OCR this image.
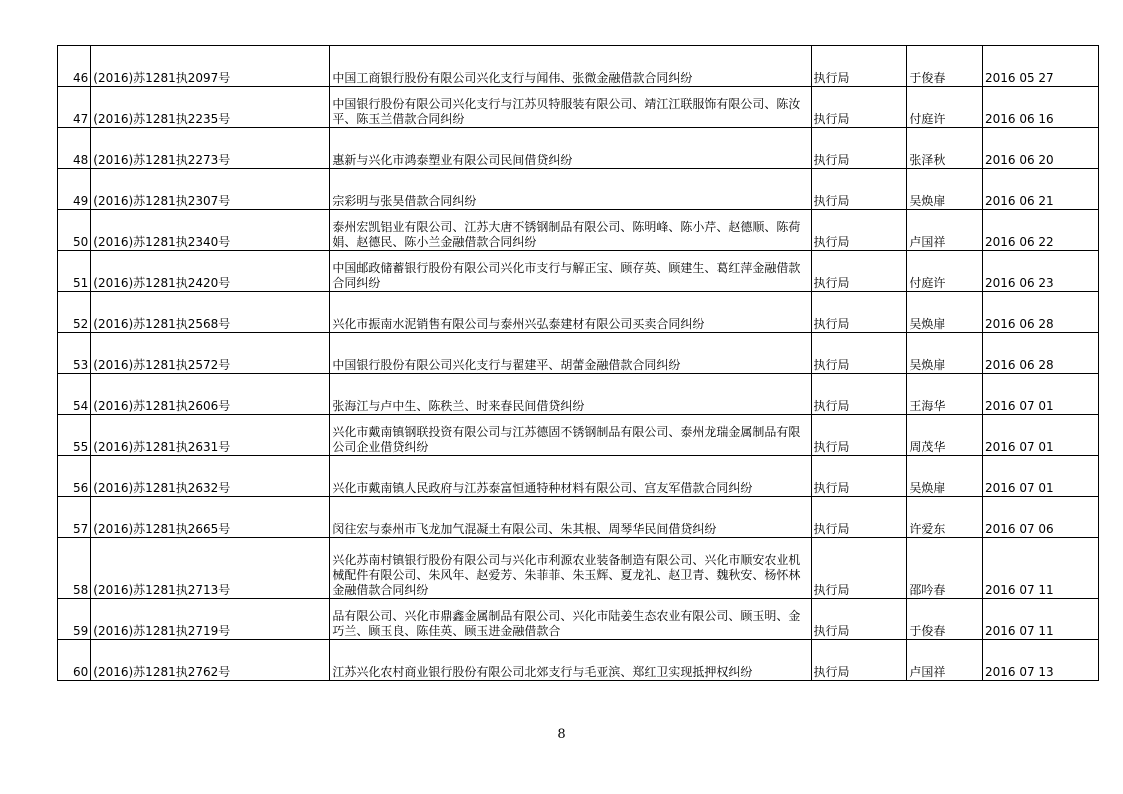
46	(2016)苏1281执2097号	中国工商银行股份有限公司兴化支行与闻伟、张微金融借款合同纠纷	执行局	于俊春	2016 05 27
47	(2016)苏1281执2235号	中国银行股份有限公司兴化支行与江苏贝特服装有限公司、靖江江联服饰有限公司、陈汝平、陈玉兰借款合同纠纷	执行局	付庭许	2016 06 16
48	(2016)苏1281执2273号	惠新与兴化市鸿泰塑业有限公司民间借贷纠纷	执行局	张泽秋	2016 06 20
49	(2016)苏1281执2307号	宗彩明与张昊借款合同纠纷	执行局	吴焕扉	2016 06 21
50	(2016)苏1281执2340号	泰州宏凯铝业有限公司、江苏大唐不锈钢制品有限公司、陈明峰、陈小芹、赵德顺、陈荷娟、赵德民、陈小兰金融借款合同纠纷	执行局	卢国祥	2016 06 22
51	(2016)苏1281执2420号	中国邮政储蓄银行股份有限公司兴化市支行与解正宝、顾存英、顾建生、葛红萍金融借款合同纠纷	执行局	付庭许	2016 06 23
52	(2016)苏1281执2568号	兴化市振南水泥销售有限公司与泰州兴弘泰建材有限公司买卖合同纠纷	执行局	吴焕扉	2016 06 28
53	(2016)苏1281执2572号	中国银行股份有限公司兴化支行与翟建平、胡蕾金融借款合同纠纷	执行局	吴焕扉	2016 06 28
54	(2016)苏1281执2606号	张海江与卢中生、陈秩兰、时来春民间借贷纠纷	执行局	王海华	2016 07 01
55	(2016)苏1281执2631号	兴化市戴南镇钢联投资有限公司与江苏德固不锈钢制品有限公司、泰州龙瑞金属制品有限公司企业借贷纠纷	执行局	周茂华	2016 07 01
56	(2016)苏1281执2632号	兴化市戴南镇人民政府与江苏泰富恒通特种材料有限公司、宫友军借款合同纠纷	执行局	吴焕扉	2016 07 01
57	(2016)苏1281执2665号	闵往宏与泰州市飞龙加气混凝土有限公司、朱其根、周琴华民间借贷纠纷	执行局	许爱东	2016 07 06
58	(2016)苏1281执2713号	兴化苏南村镇银行股份有限公司与兴化市利源农业装备制造有限公司、兴化市顺安农业机械配件有限公司、朱风年、赵爱芳、朱菲菲、朱玉辉、夏龙礼、赵卫青、魏秋安、杨怀林金融借款合同纠纷	执行局	邵吟春	2016 07 11
59	(2016)苏1281执2719号	品有限公司、兴化市鼎鑫金属制品有限公司、兴化市陆姜生态农业有限公司、顾玉明、金巧兰、顾玉良、陈佳英、顾玉进金融借款合	执行局	于俊春	2016 07 11
60	(2016)苏1281执2762号	江苏兴化农村商业银行股份有限公司北郊支行与毛亚滨、郑红卫实现抵押权纠纷	执行局	卢国祥	2016 07 13
8
